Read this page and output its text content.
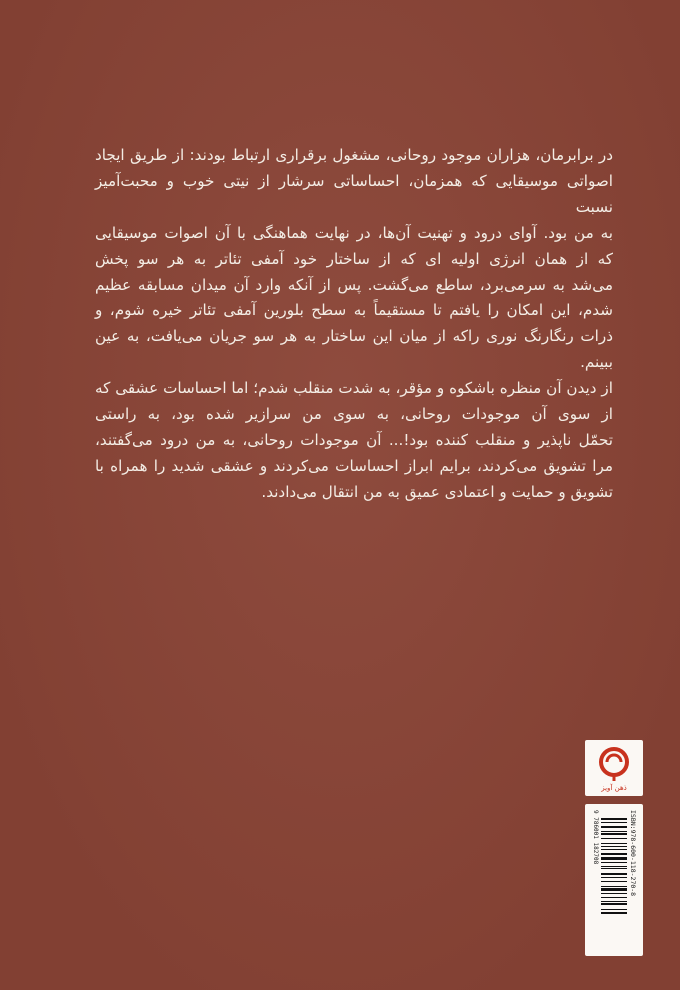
در برابرمان، هزاران موجود روحانی، مشغول برقراری ارتباط بودند: از طریق ایجاد
اصواتی موسیقایی که همزمان، احساساتی سرشار از نیتی خوب و محبت‌آمیز نسبت
به من بود. آوای درود و تهنیت آن‌ها، در نهایت هماهنگی با آن اصوات موسیقایی
که از همان انرژی اولیه ای که از ساختار خود آمفی تئاتر به هر سو پخش
می‌شد به سرمی‌برد، ساطع می‌گشت. پس از آنکه وارد آن میدان مسابقه عظیم
شدم، این امکان را یافتم تا مستقیماً به سطح بلورین آمفی تئاتر خیره شوم، و
ذرات رنگارنگ نوری راکه از میان این ساختار به هر سو جریان می‌یافت، به عین
ببینم.

از دیدن آن منظره باشکوه و مؤقر، به شدت منقلب شدم؛ اما احساسات عشقی که
از سوی آن موجودات روحانی، به سوی من سرازیر شده بود، به راستی
تحمّل ناپذیر و منقلب کننده بود!... آن موجودات روحانی، به من درود می‌گفتند،
مرا تشویق می‌کردند، برایم ابراز احساسات می‌کردند و عشقی شدید را همراه با
تشویق و حمایت و اعتمادی عمیق به من انتقال می‌دادند.

ذهن آویز
9 786001 182708	ISBN:978-600-118-270-8
